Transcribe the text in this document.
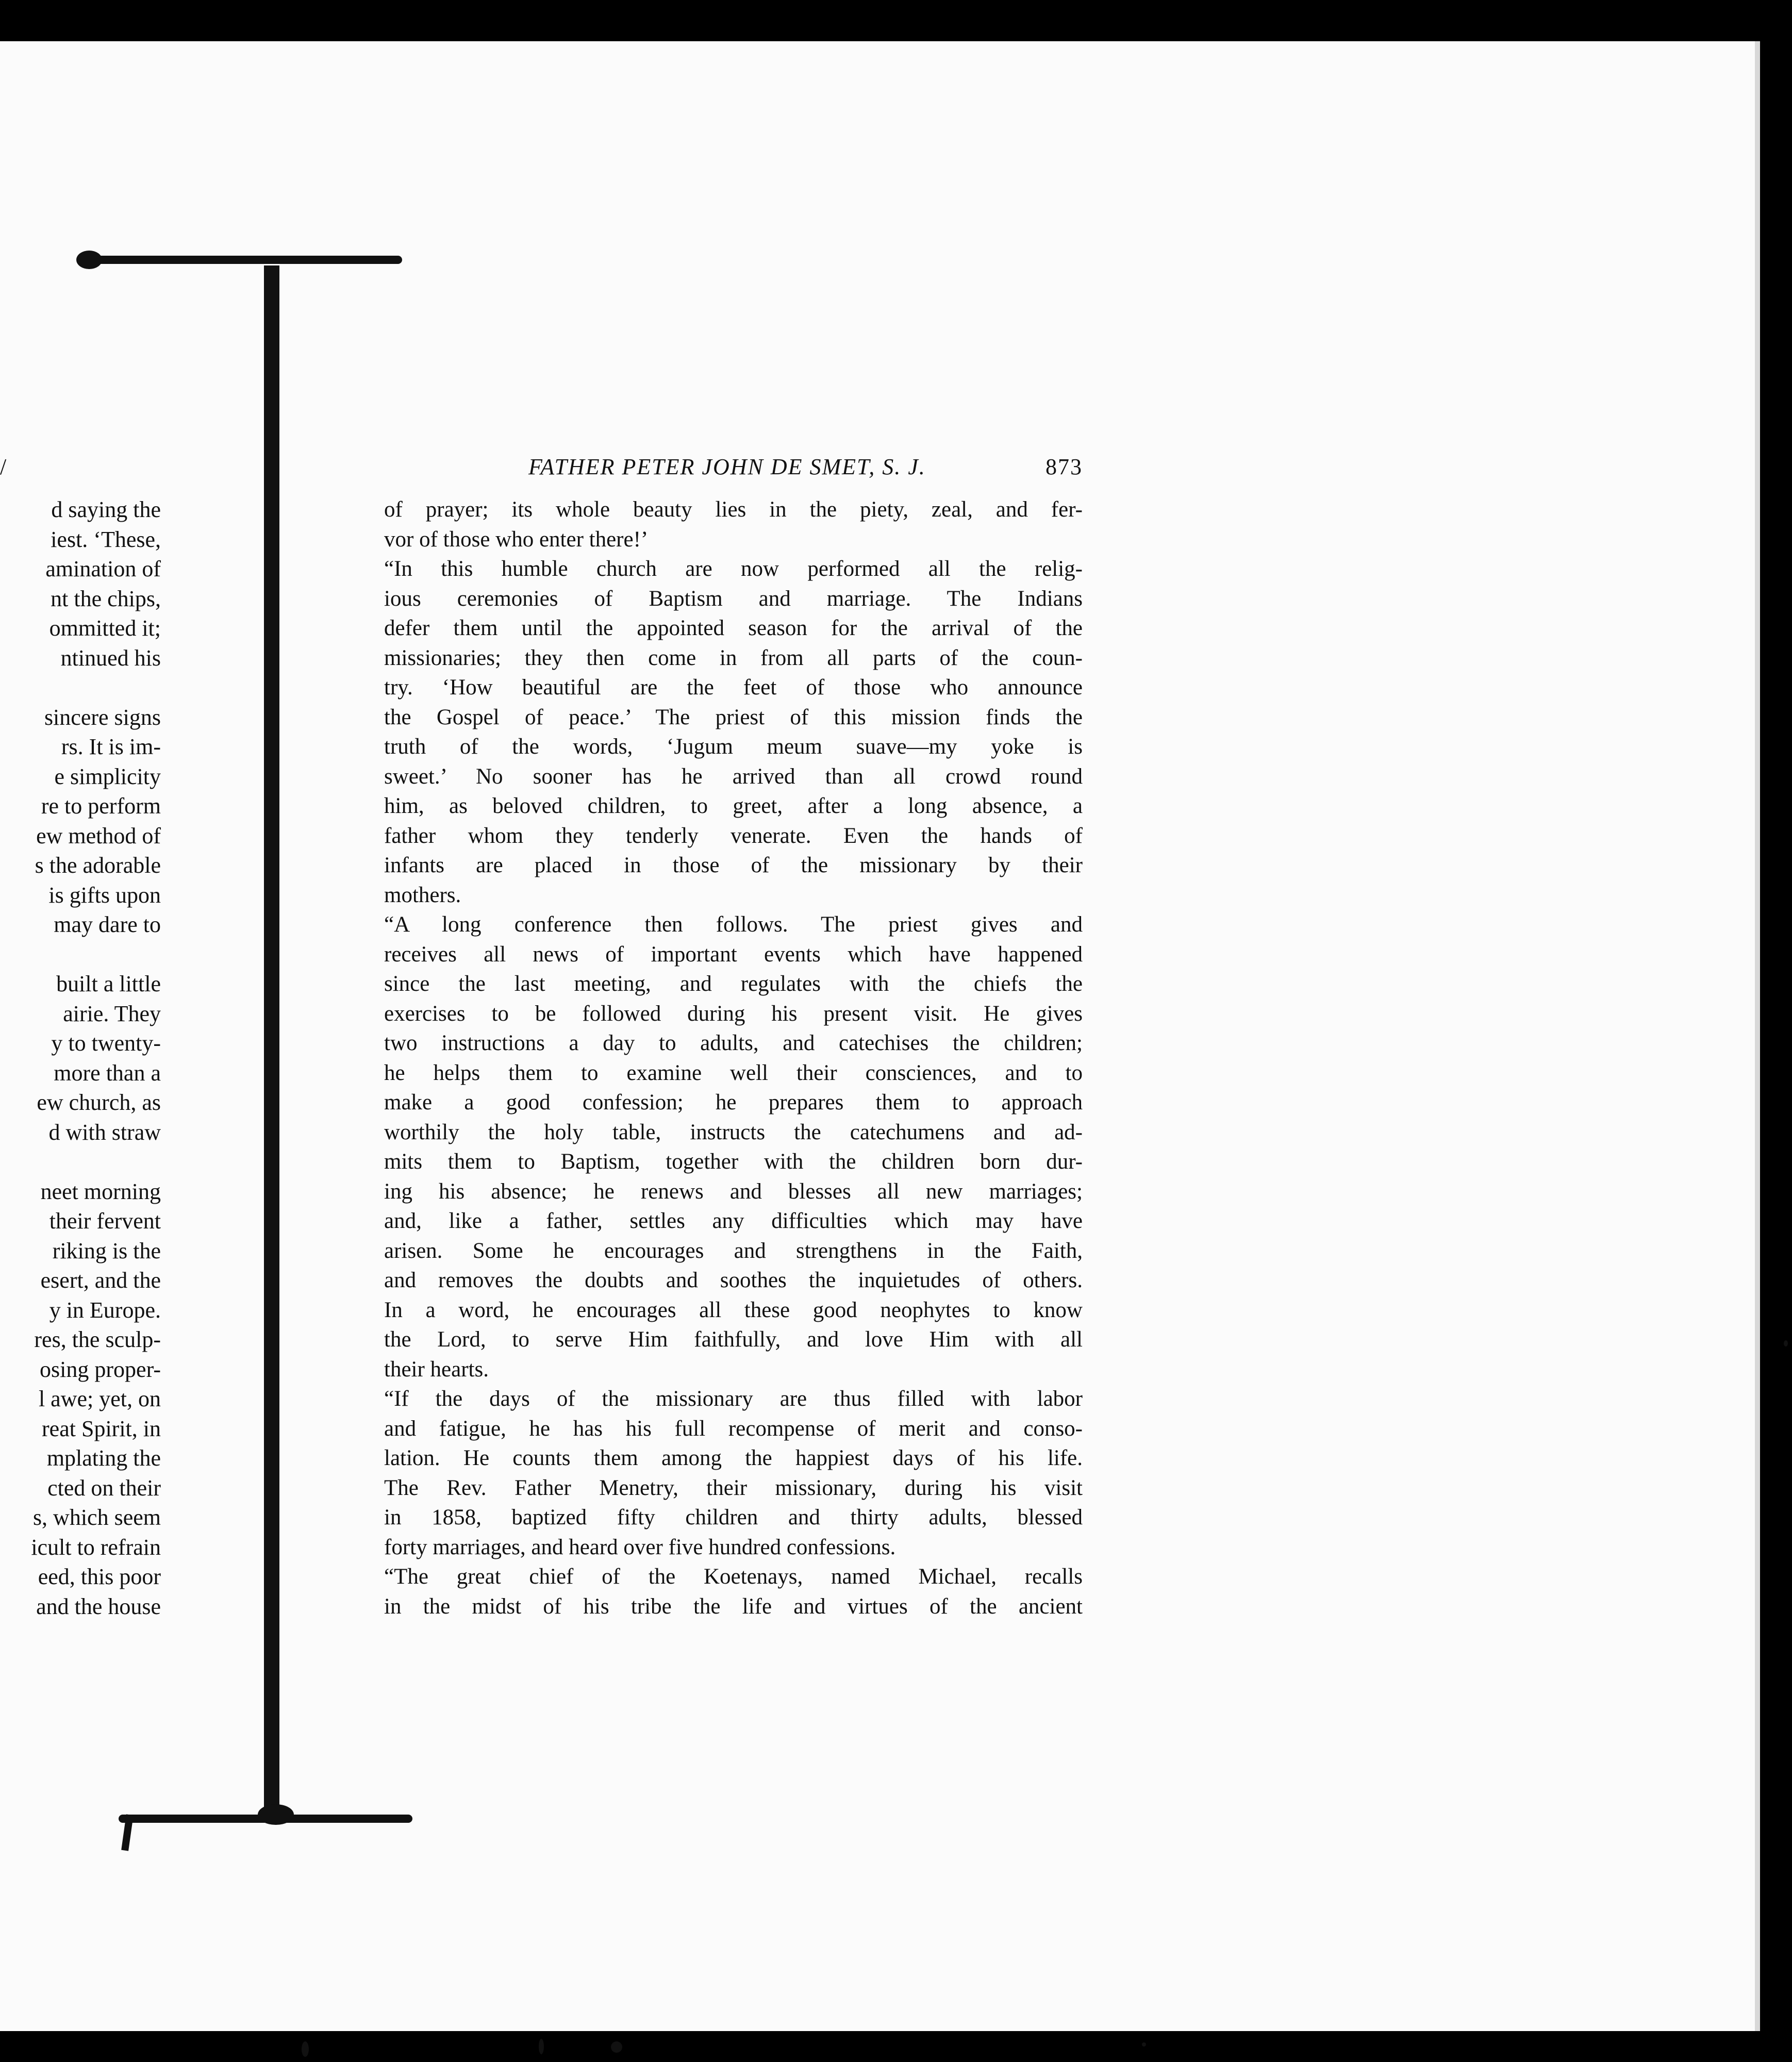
/
d saying the
iest. ‘These,
amination of
nt the chips,
ommitted it;
ntinued his
sincere signs
rs. It is im-
e simplicity
re to perform
ew method of
s the adorable
is gifts upon
may dare to
built a little
airie. They
y to twenty-
more than a
ew church, as
d with straw
neet morning
their fervent
riking is the
esert, and the
y in Europe.
res, the sculp-
osing proper-
l awe; yet, on
reat Spirit, in
mplating the
cted on their
s, which seem
icult to refrain
eed, this poor
and the house
FATHER PETER JOHN DE SMET, S. J.	873
of prayer; its whole beauty lies in the piety, zeal, and fer-
vor of those who enter there!’
“In this humble church are now performed all the relig-
ious ceremonies of Baptism and marriage. The Indians
defer them until the appointed season for the arrival of the
missionaries; they then come in from all parts of the coun-
try. ‘How beautiful are the feet of those who announce
the Gospel of peace.’ The priest of this mission finds the
truth of the words, ‘Jugum meum suave—my yoke is
sweet.’ No sooner has he arrived than all crowd round
him, as beloved children, to greet, after a long absence, a
father whom they tenderly venerate. Even the hands of
infants are placed in those of the missionary by their
mothers.
“A long conference then follows. The priest gives and
receives all news of important events which have happened
since the last meeting, and regulates with the chiefs the
exercises to be followed during his present visit. He gives
two instructions a day to adults, and catechises the children;
he helps them to examine well their consciences, and to
make a good confession; he prepares them to approach
worthily the holy table, instructs the catechumens and ad-
mits them to Baptism, together with the children born dur-
ing his absence; he renews and blesses all new marriages;
and, like a father, settles any difficulties which may have
arisen. Some he encourages and strengthens in the Faith,
and removes the doubts and soothes the inquietudes of others.
In a word, he encourages all these good neophytes to know
the Lord, to serve Him faithfully, and love Him with all
their hearts.
“If the days of the missionary are thus filled with labor
and fatigue, he has his full recompense of merit and conso-
lation. He counts them among the happiest days of his life.
The Rev. Father Menetry, their missionary, during his visit
in 1858, baptized fifty children and thirty adults, blessed
forty marriages, and heard over five hundred confessions.
“The great chief of the Koetenays, named Michael, recalls
in the midst of his tribe the life and virtues of the ancient
